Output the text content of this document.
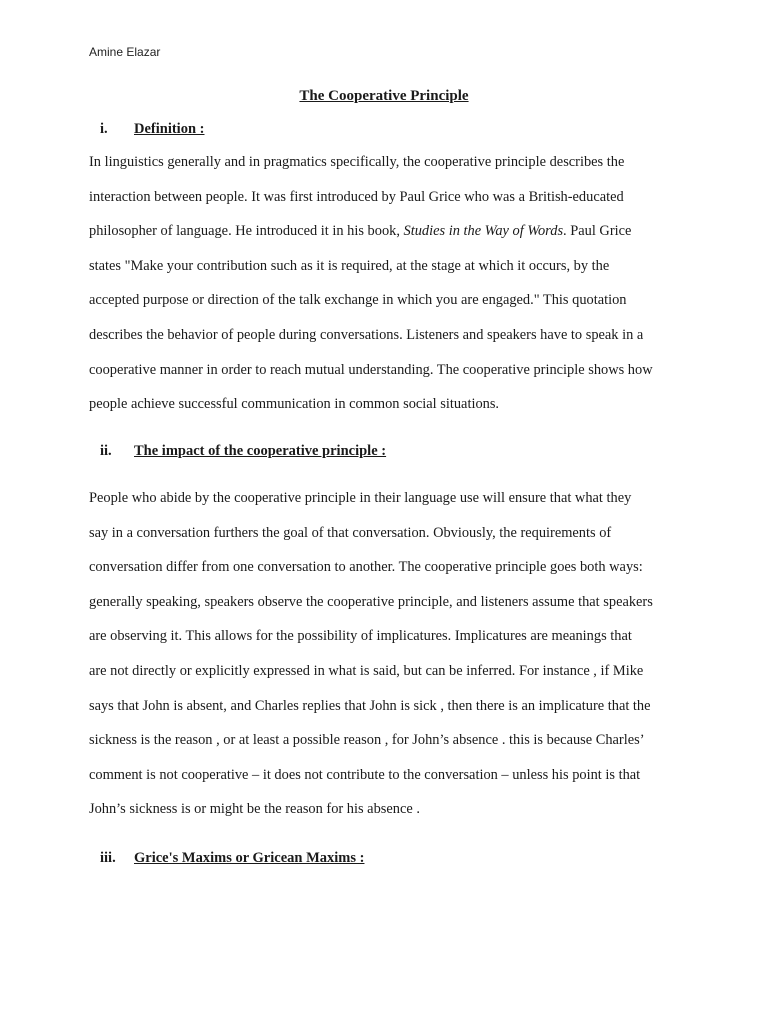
Amine Elazar
The Cooperative Principle
i. Definition :
In linguistics generally and in pragmatics specifically, the cooperative principle describes the
interaction between people. It was first introduced by Paul Grice who was a British-educated
philosopher of language. He introduced it in his book, Studies in the Way of Words. Paul Grice
states "Make your contribution such as it is required, at the stage at which it occurs, by the
accepted purpose or direction of the talk exchange in which you are engaged." This quotation
describes the behavior of people during conversations. Listeners and speakers have to speak in a
cooperative manner in order to reach mutual understanding. The cooperative principle shows how
people achieve successful communication in common social situations.
ii. The impact of the cooperative principle :
People who abide by the cooperative principle in their language use will ensure that what they
say in a conversation furthers the goal of that conversation. Obviously, the requirements of
conversation differ from one conversation to another. The cooperative principle goes both ways:
generally speaking, speakers observe the cooperative principle, and listeners assume that speakers
are observing it. This allows for the possibility of implicatures. Implicatures are meanings that
are not directly or explicitly expressed in what is said, but can be inferred. For instance , if Mike
says that John is absent, and Charles replies that John is sick , then there is an implicature that the
sickness is the reason , or at least a possible reason , for John’s absence . this is because Charles’
comment is not cooperative – it does not contribute to the conversation – unless his point is that
John’s sickness is or might be the reason for his absence .
iii. Grice's Maxims or Gricean Maxims :
